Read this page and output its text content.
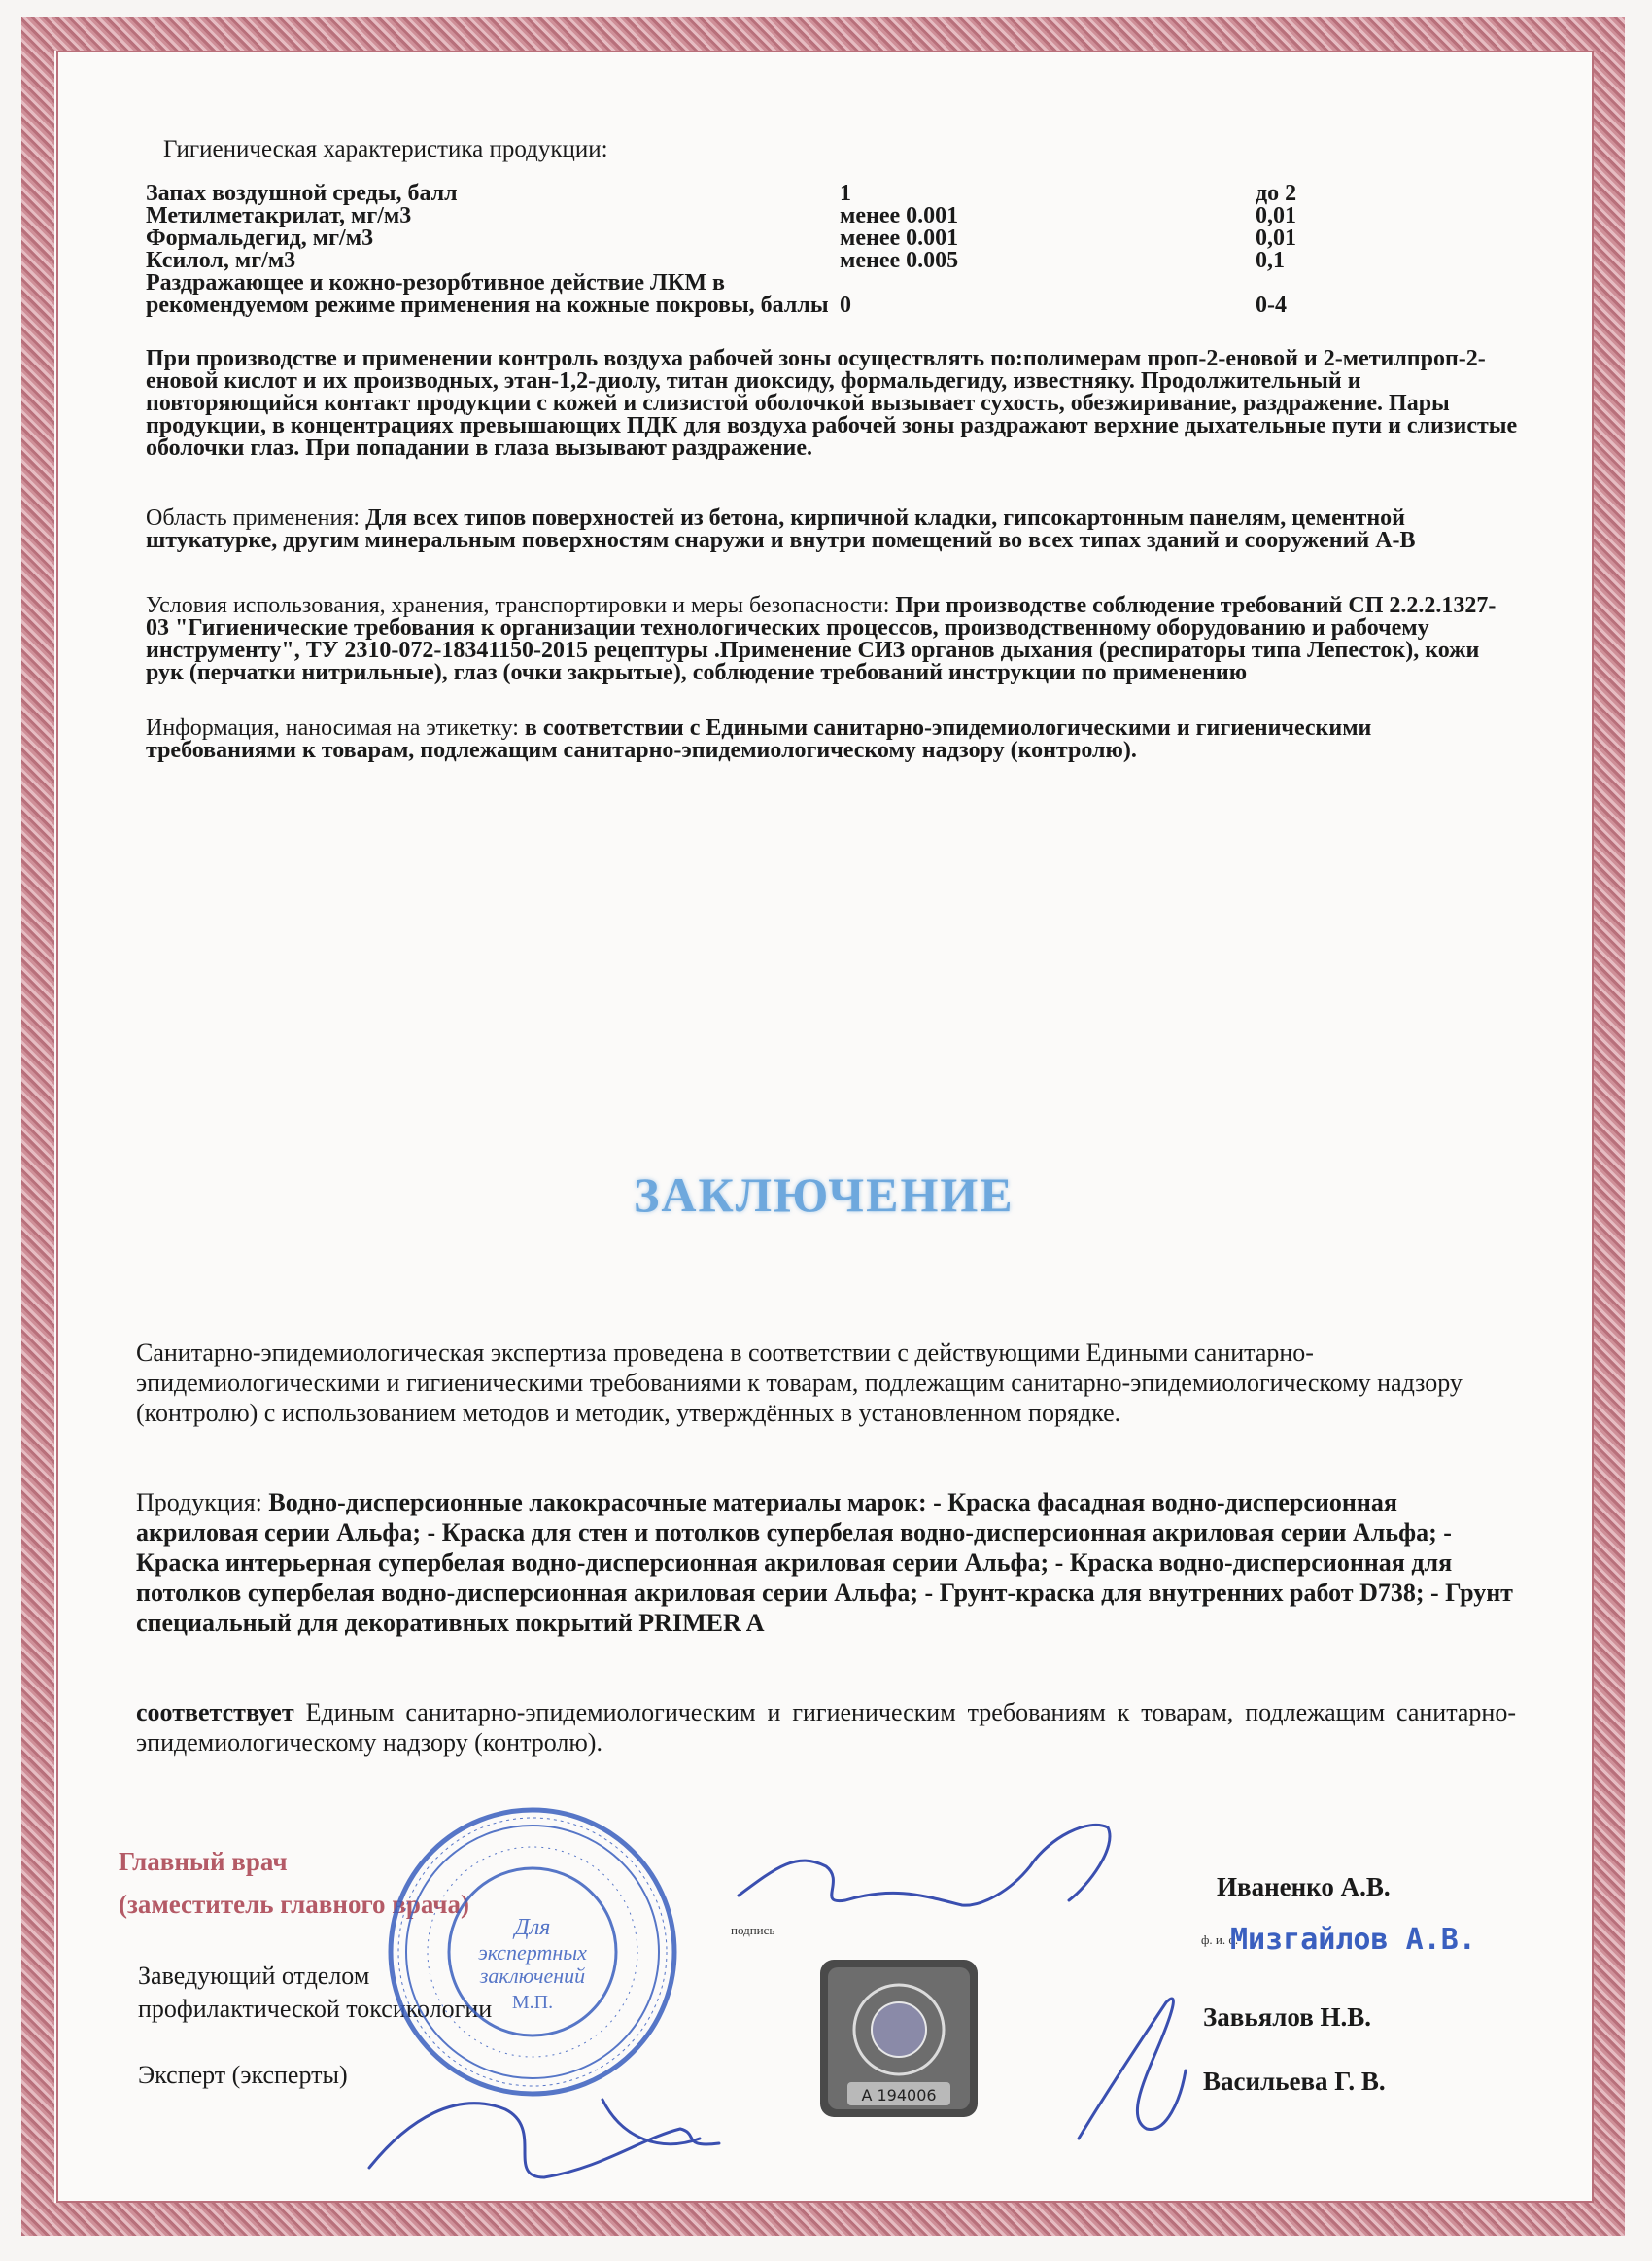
Гигиеническая характеристика продукции:
Запах воздушной среды, балл	1	до 2
Метилметакрилат, мг/м3	менее 0.001	0,01
Формальдегид, мг/м3	менее 0.001	0,01
Ксилол, мг/м3	менее 0.005	0,1
Раздражающее и кожно-резорбтивное действие ЛКМ в рекомендуемом режиме применения на кожные покровы, баллы	0	0-4
При производстве и применении контроль воздуха рабочей зоны осуществлять по:полимерам проп-2-еновой и 2-метилпроп-2-еновой кислот и их производных, этан-1,2-диолу, титан диоксиду, формальдегиду, известняку. Продолжительный и повторяющийся контакт продукции с кожей и слизистой оболочкой вызывает сухость, обезжиривание, раздражение. Пары продукции, в концентрациях превышающих ПДК для воздуха рабочей зоны раздражают верхние дыхательные пути и слизистые оболочки глаз. При попадании в глаза вызывают раздражение.
Область применения: Для всех типов поверхностей из бетона, кирпичной кладки, гипсокартонным панелям, цементной штукатурке, другим минеральным поверхностям снаружи и внутри помещений во всех типах зданий и сооружений А-В
Условия использования, хранения, транспортировки и меры безопасности: При производстве соблюдение требований СП 2.2.2.1327-03 "Гигиенические требования к организации технологических процессов, производственному оборудованию и рабочему инструменту", ТУ 2310-072-18341150-2015 рецептуры .Применение СИЗ органов дыхания (респираторы типа Лепесток), кожи рук (перчатки нитрильные), глаз (очки закрытые), соблюдение требований инструкции по применению
Информация, наносимая на этикетку: в соответствии с Едиными санитарно-эпидемиологическими и гигиеническими требованиями к товарам, подлежащим санитарно-эпидемиологическому надзору (контролю).
ЗАКЛЮЧЕНИЕ
Санитарно-эпидемиологическая экспертиза проведена в соответствии с действующими Едиными санитарно-эпидемиологическими и гигиеническими требованиями к товарам, подлежащим санитарно-эпидемиологическому надзору (контролю) с использованием методов и методик, утверждённых в установленном порядке.
Продукция: Водно-дисперсионные лакокрасочные материалы марок: - Краска фасадная водно-дисперсионная акриловая серии Альфа; - Краска для стен и потолков супербелая водно-дисперсионная акриловая серии Альфа; - Краска интерьерная супербелая водно-дисперсионная акриловая серии Альфа; - Краска водно-дисперсионная для потолков супербелая водно-дисперсионная акриловая серии Альфа; - Грунт-краска для внутренних работ D738; - Грунт специальный для декоративных покрытий PRIMER A
соответствует Единым санитарно-эпидемиологическим и гигиеническим требованиям к товарам, подлежащим санитарно-эпидемиологическому надзору (контролю).
Главный врач
(заместитель главного врача)
Иваненко А.В.
подпись
ф. и. о.
Мизгайлов А.В.
Заведующий отделом
профилактической токсикологии	Завьялов Н.В.
Эксперт (эксперты)	Васильева Г. В.
Для
экспертных
заключений
М.П.
A 194006
